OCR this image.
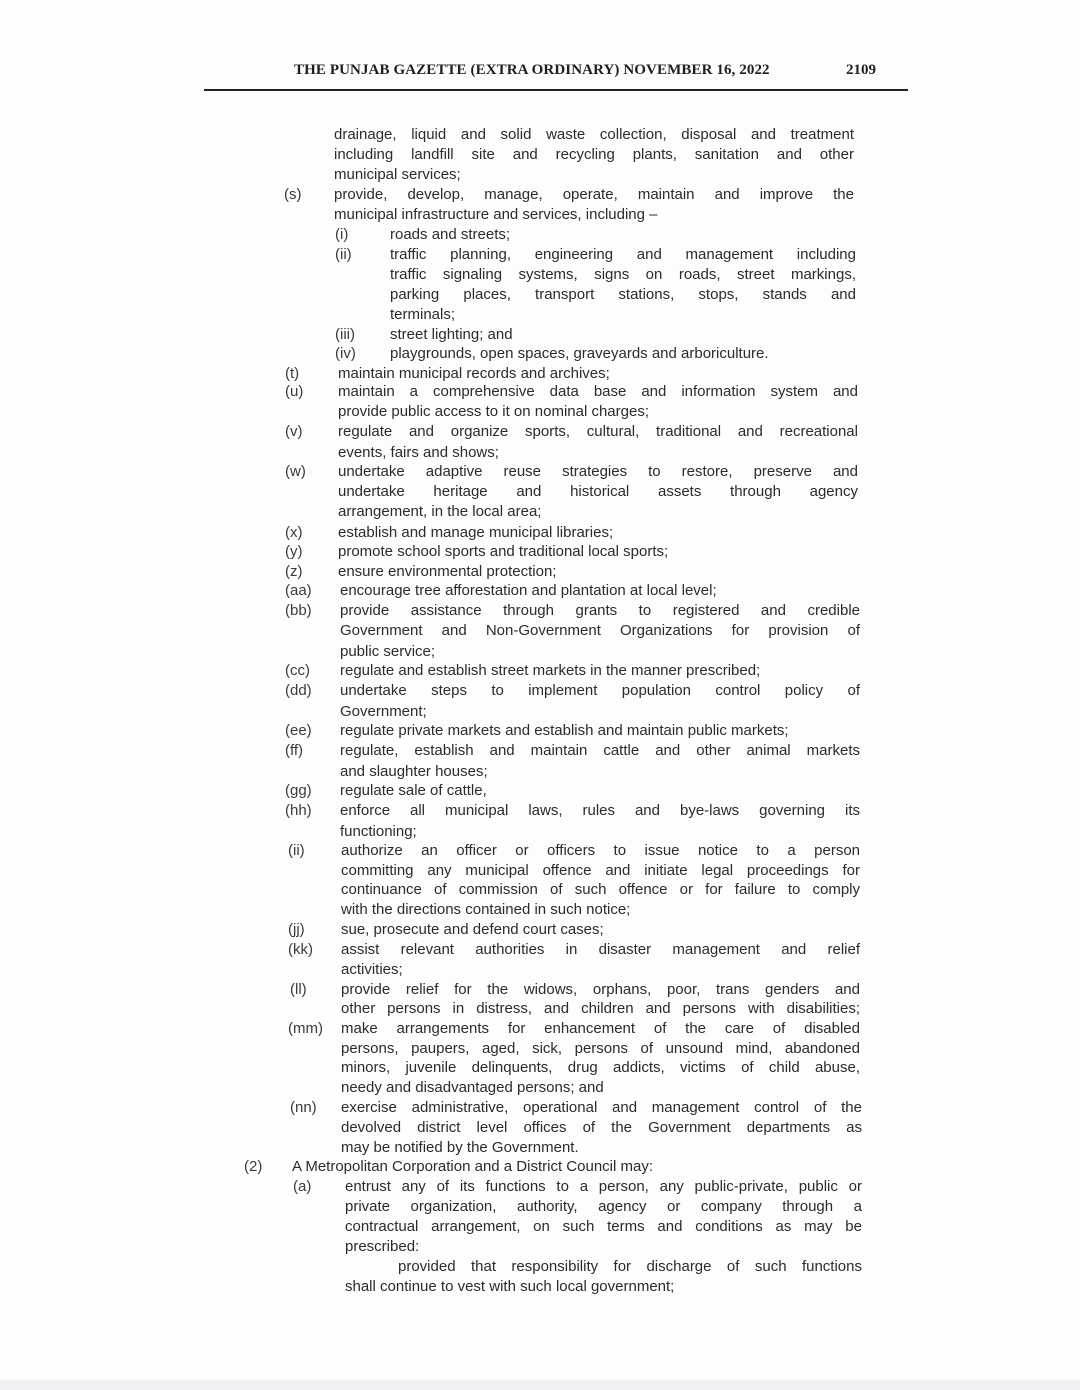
THE PUNJAB GAZETTE (EXTRA ORDINARY) NOVEMBER 16, 2022	2109
drainage, liquid and solid waste collection, disposal and treatment
including landfill site and recycling plants, sanitation and other
municipal services;
(s) provide, develop, manage, operate, maintain and improve the
municipal infrastructure and services, including –
(i)	roads and streets;
(ii)	traffic planning, engineering and management including
traffic signaling systems, signs on roads, street markings,
parking places, transport stations, stops, stands and
terminals;
(iii) street lighting; and
(iv) playgrounds, open spaces, graveyards and arboriculture.
(t)	maintain municipal records and archives;
(u) maintain a comprehensive data base and information system and
provide public access to it on nominal charges;
(v) regulate and organize sports, cultural, traditional and recreational
events, fairs and shows;
(w) undertake adaptive reuse strategies to restore, preserve and
undertake heritage and historical assets through agency
arrangement, in the local area;
(x) establish and manage municipal libraries;
(y) promote school sports and traditional local sports;
(z) ensure environmental protection;
(aa) encourage tree afforestation and plantation at local level;
(bb) provide assistance through grants to registered and credible
Government and Non-Government Organizations for provision of
public service;
(cc) regulate and establish street markets in the manner prescribed;
(dd) undertake steps to implement population control policy of
Government;
(ee) regulate private markets and establish and maintain public markets;
(ff) regulate, establish and maintain cattle and other animal markets
and slaughter houses;
(gg) regulate sale of cattle,
(hh) enforce all municipal laws, rules and bye-laws governing its
functioning;
(ii) authorize an officer or officers to issue notice to a person
committing any municipal offence and initiate legal proceedings for
continuance of commission of such offence or for failure to comply
with the directions contained in such notice;
(jj) sue, prosecute and defend court cases;
(kk) assist relevant authorities in disaster management and relief
activities;
(ll) provide relief for the widows, orphans, poor, trans genders and
other persons in distress, and children and persons with disabilities;
(mm) make arrangements for enhancement of the care of disabled
persons, paupers, aged, sick, persons of unsound mind, abandoned
minors, juvenile delinquents, drug addicts, victims of child abuse,
needy and disadvantaged persons; and
(nn) exercise administrative, operational and management control of the
devolved district level offices of the Government departments as
may be notified by the Government.
(2) A Metropolitan Corporation and a District Council may:
(a) entrust any of its functions to a person, any public-private, public or
private organization, authority, agency or company through a
contractual arrangement, on such terms and conditions as may be
prescribed:
provided that responsibility for discharge of such functions
shall continue to vest with such local government;
